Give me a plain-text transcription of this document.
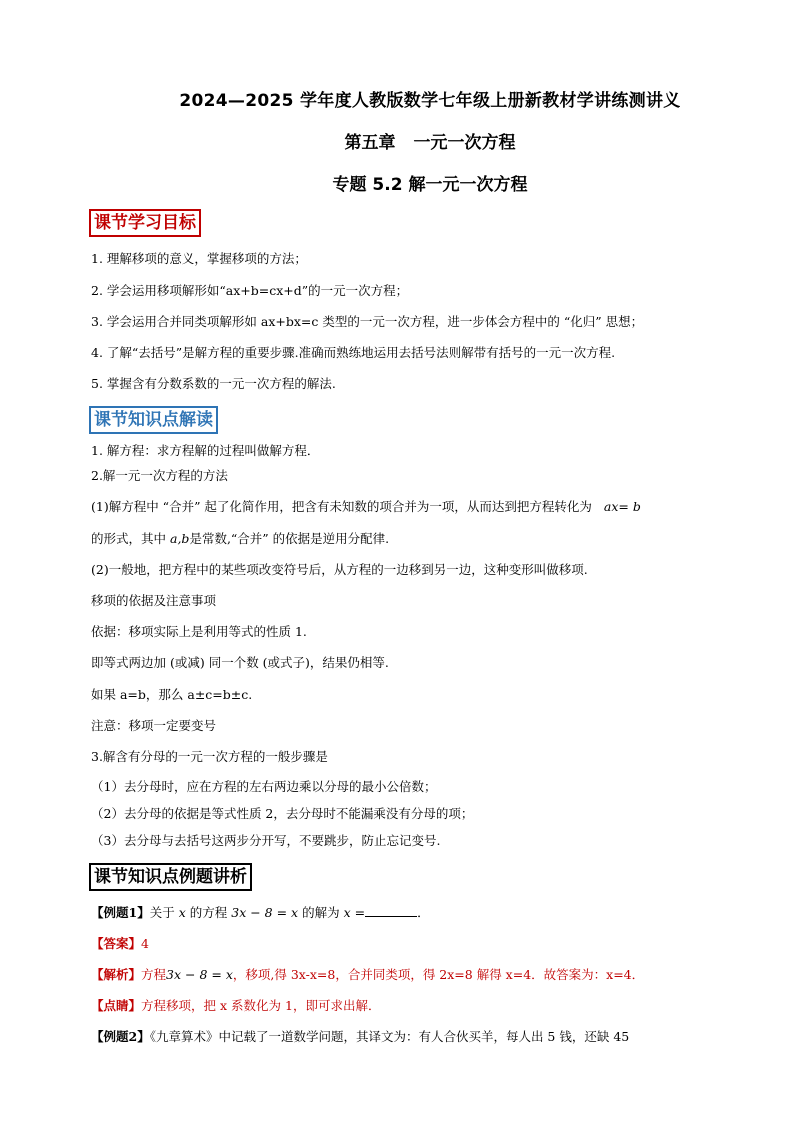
2024—2025 学年度人教版数学七年级上册新教材学讲练测讲义
第五章 一元一次方程
专题 5.2 解一元一次方程
课节学习目标
1. 理解移项的意义，掌握移项的方法；
2. 学会运用移项解形如“ax+b=cx+d”的一元一次方程；
3. 学会运用合并同类项解形如 ax+bx=c 类型的一元一次方程，进一步体会方程中的 “化归” 思想；
4. 了解“去括号”是解方程的重要步骤.准确而熟练地运用去括号法则解带有括号的一元一次方程.
5. 掌握含有分数系数的一元一次方程的解法.
课节知识点解读
1. 解方程：求方程解的过程叫做解方程．
2.解一元一次方程的方法
(1)解方程中 “合并” 起了化简作用，把含有未知数的项合并为一项，从而达到把方程转化为 ax= b
的形式，其中 a,b是常数,“合并” 的依据是逆用分配律.
(2)一般地，把方程中的某些项改变符号后，从方程的一边移到另一边，这种变形叫做移项.
移项的依据及注意事项
依据：移项实际上是利用等式的性质 1.
即等式两边加 (或减) 同一个数 (或式子)，结果仍相等.
如果 a=b，那么 a±c=b±c.
注意：移项一定要变号
3.解含有分母的一元一次方程的一般步骤是
（1）去分母时，应在方程的左右两边乘以分母的最小公倍数；
（2）去分母的依据是等式性质 2，去分母时不能漏乘没有分母的项；
（3）去分母与去括号这两步分开写，不要跳步，防止忘记变号.
课节知识点例题讲析
【例题1】关于 x 的方程 3x − 8 = x 的解为 x =	．
【答案】4
【解析】方程3x − 8 = x，移项,得 3x-x=8，合并同类项，得 2x=8 解得 x=4．故答案为：x=4．
【点睛】方程移项，把 x 系数化为 1，即可求出解．
【例题2】《九章算术》中记载了一道数学问题，其译文为：有人合伙买羊，每人出 5 钱，还缺 45
